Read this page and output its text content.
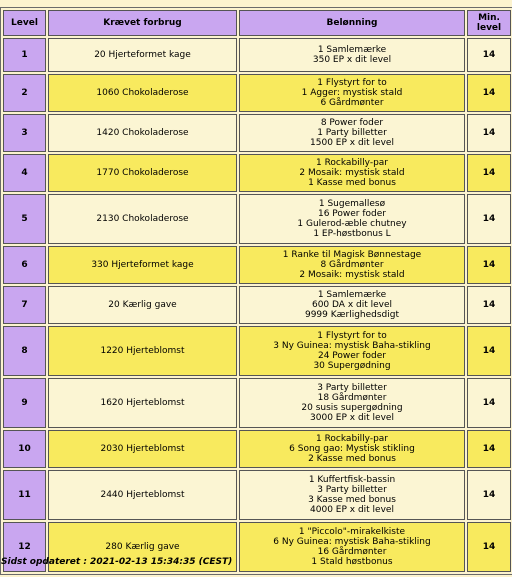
Level	Krævet forbrug	Belønning	Min.
level

1	20 Hjerteformet kage	1 Samlemærke
350 EP x dit level	14
2	1060 Chokoladerose	1 Flystyrt for to
1 Agger: mystisk stald
6 Gårdmønter	14
3	1420 Chokoladerose	8 Power foder
1 Party billetter
1500 EP x dit level	14
4	1770 Chokoladerose	1 Rockabilly-par
2 Mosaik: mystisk stald
1 Kasse med bonus	14
5	2130 Chokoladerose	1 Sugemallesø
16 Power foder
1 Gulerod-æble chutney
1 EP-høstbonus L	14
6	330 Hjerteformet kage	1 Ranke til Magisk Bønnestage
8 Gårdmønter
2 Mosaik: mystisk stald	14
7	20 Kærlig gave	1 Samlemærke
600 DA x dit level
9999 Kærlighedsdigt	14
8	1220 Hjerteblomst	1 Flystyrt for to
3 Ny Guinea: mystisk Baha-stikling
24 Power foder
30 Supergødning	14
9	1620 Hjerteblomst	3 Party billetter
18 Gårdmønter
20 susis supergødning
3000 EP x dit level	14
10	2030 Hjerteblomst	1 Rockabilly-par
6 Song gao: Mystisk stikling
2 Kasse med bonus	14
11	2440 Hjerteblomst	1 Kuffertfisk-bassin
3 Party billetter
3 Kasse med bonus
4000 EP x dit level	14
12	280 Kærlig gave	1 "Piccolo"-mirakelkiste
6 Ny Guinea: mystisk Baha-stikling
16 Gårdmønter
1 Stald høstbonus	14
Sidst opdateret : 2021-02-13 15:34:35 (CEST)
